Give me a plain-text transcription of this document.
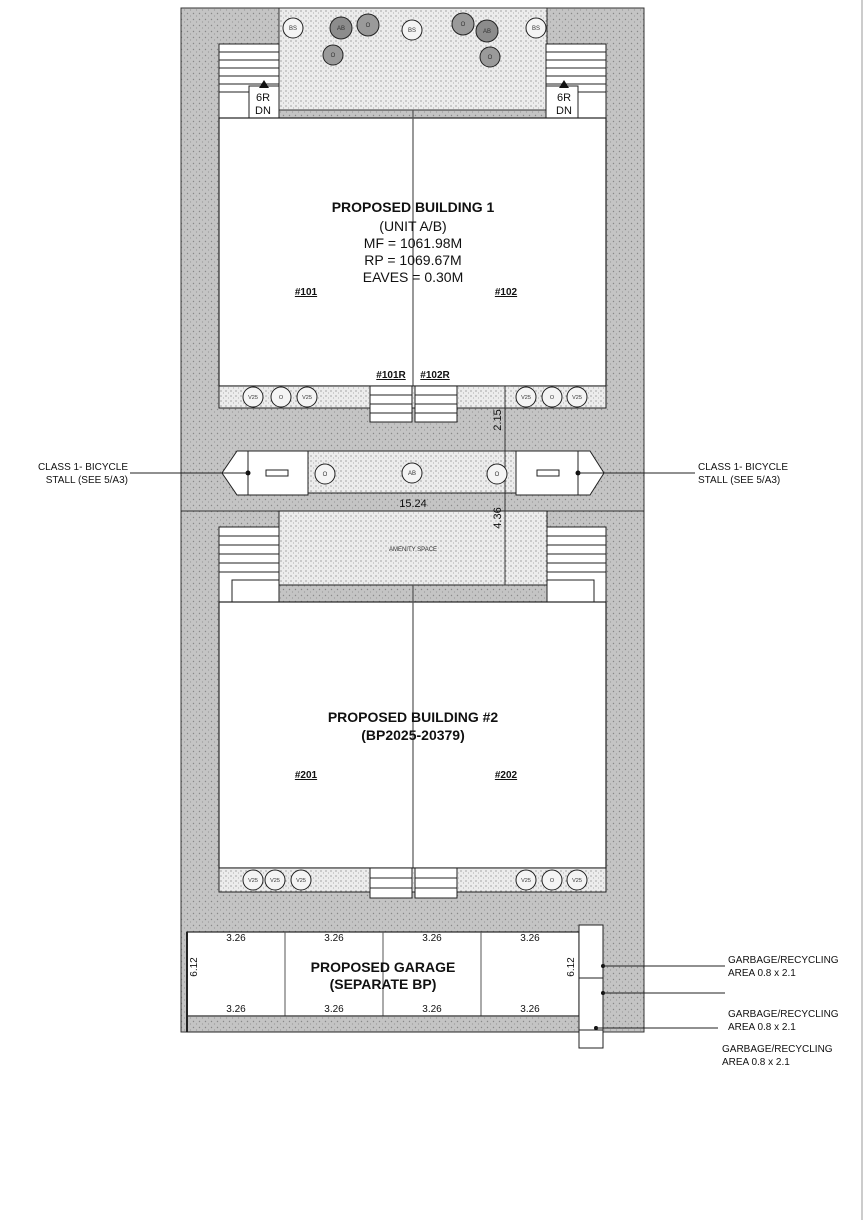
6R
DN
6R
DN
PROPOSED BUILDING 1
(UNIT A/B)
MF = 1061.98M
RP = 1069.67M
EAVES = 0.30M
#101	#102
#101R #102R
CLASS 1- BICYCLE
STALL (SEE 5/A3)
CLASS 1- BICYCLE
STALL (SEE 5/A3)
15.24
AMENITY SPACE
2.15
4.36
PROPOSED BUILDING #2
(BP2025-20379)
#201	#202
3.26	3.26	3.26	3.26
3.26	3.26	3.26	3.26
6.12	6.12
PROPOSED GARAGE
(SEPARATE BP)
GARBAGE/RECYCLING
AREA 0.8 x 2.1
GARBAGE/RECYCLING
AREA 0.8 x 2.1
GARBAGE/RECYCLING
AREA 0.8 x 2.1
BS	AB	O
BS
O
AB	BS
O	O
V25	O	V25	V25	O	V25
O	AB	O
V25 V25	V25	V25	O	V25
